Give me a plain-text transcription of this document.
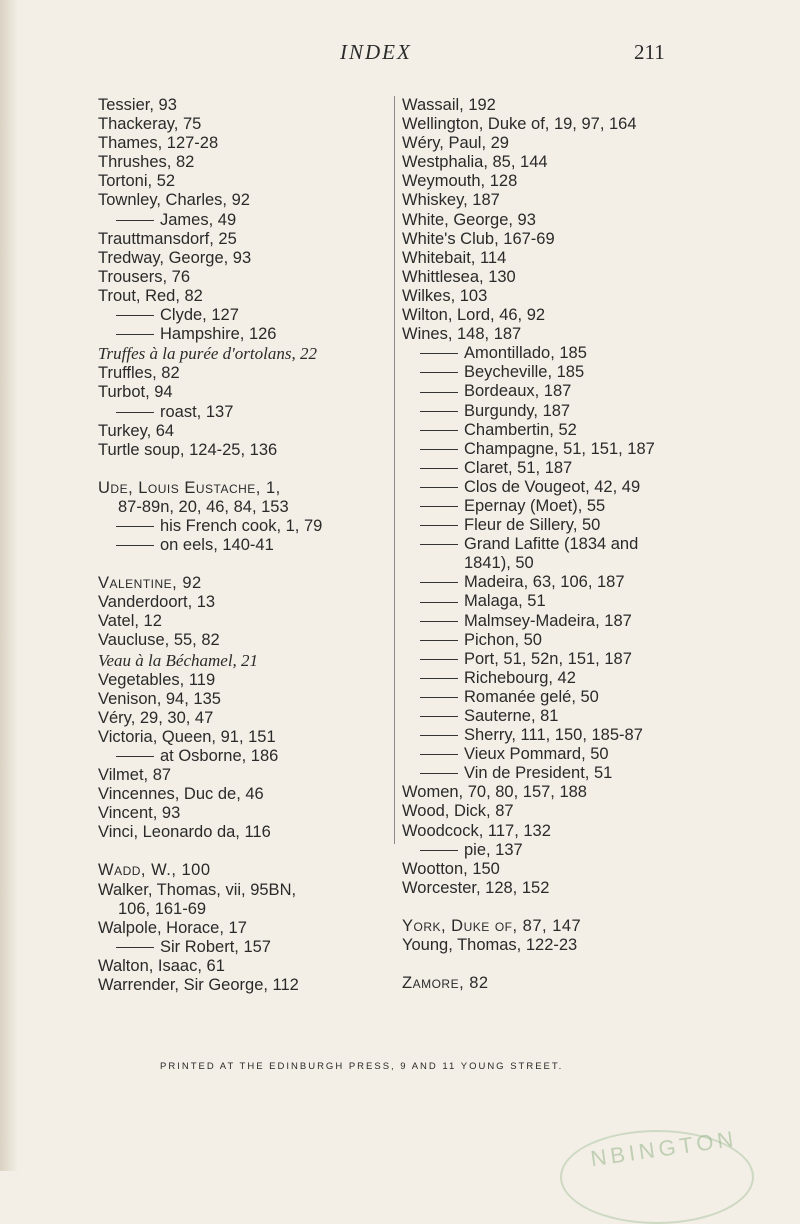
INDEX	211
Tessier, 93
Thackeray, 75
Thames, 127-28
Thrushes, 82
Tortoni, 52
Townley, Charles, 92
James, 49
Trauttmansdorf, 25
Tredway, George, 93
Trousers, 76
Trout, Red, 82
Clyde, 127
Hampshire, 126
Truffes à la purée d'ortolans, 22
Truffles, 82
Turbot, 94
roast, 137
Turkey, 64
Turtle soup, 124-25, 136
Ude, Louis Eustache, 1,
87-89n, 20, 46, 84, 153
his French cook, 1, 79
on eels, 140-41
Valentine, 92
Vanderdoort, 13
Vatel, 12
Vaucluse, 55, 82
Veau à la Béchamel, 21
Vegetables, 119
Venison, 94, 135
Véry, 29, 30, 47
Victoria, Queen, 91, 151
at Osborne, 186
Vilmet, 87
Vincennes, Duc de, 46
Vincent, 93
Vinci, Leonardo da, 116
Wadd, W., 100
Walker, Thomas, vii, 95BN,
106, 161-69
Walpole, Horace, 17
Sir Robert, 157
Walton, Isaac, 61
Warrender, Sir George, 112
Wassail, 192
Wellington, Duke of, 19, 97, 164
Wéry, Paul, 29
Westphalia, 85, 144
Weymouth, 128
Whiskey, 187
White, George, 93
White's Club, 167-69
Whitebait, 114
Whittlesea, 130
Wilkes, 103
Wilton, Lord, 46, 92
Wines, 148, 187
Amontillado, 185
Beycheville, 185
Bordeaux, 187
Burgundy, 187
Chambertin, 52
Champagne, 51, 151, 187
Claret, 51, 187
Clos de Vougeot, 42, 49
Epernay (Moet), 55
Fleur de Sillery, 50
Grand Lafitte (1834 and
1841), 50
Madeira, 63, 106, 187
Malaga, 51
Malmsey-Madeira, 187
Pichon, 50
Port, 51, 52n, 151, 187
Richebourg, 42
Romanée gelé, 50
Sauterne, 81
Sherry, 111, 150, 185-87
Vieux Pommard, 50
Vin de President, 51
Women, 70, 80, 157, 188
Wood, Dick, 87
Woodcock, 117, 132
pie, 137
Wootton, 150
Worcester, 128, 152
York, Duke of, 87, 147
Young, Thomas, 122-23
Zamore, 82
PRINTED AT THE EDINBURGH PRESS, 9 AND 11 YOUNG STREET.
NBINGTON
